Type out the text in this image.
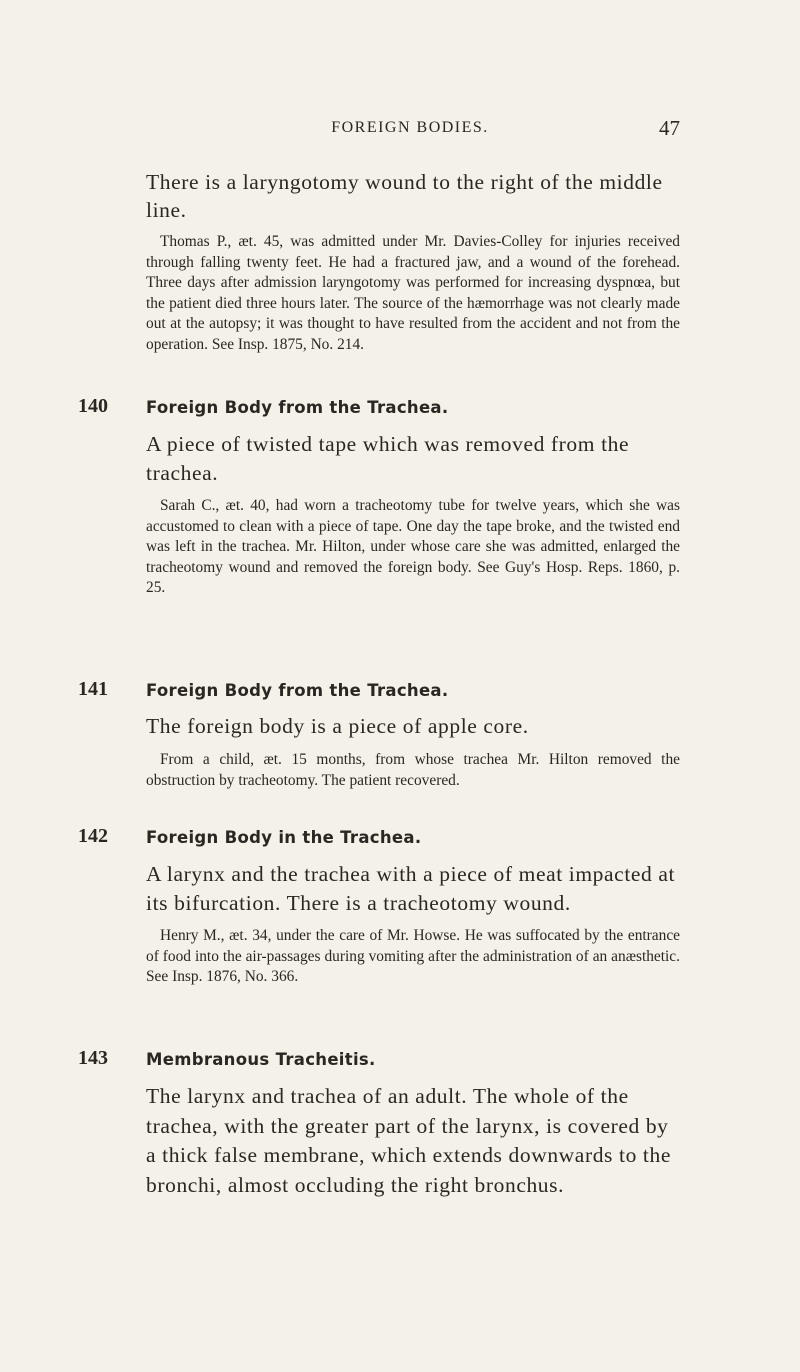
FOREIGN BODIES.	47
There is a laryngotomy wound to the right of the middle line.
Thomas P., æt. 45, was admitted under Mr. Davies-Colley for injuries received through falling twenty feet. He had a fractured jaw, and a wound of the forehead. Three days after admission laryngotomy was performed for increasing dyspnœa, but the patient died three hours later. The source of the hæmorrhage was not clearly made out at the autopsy; it was thought to have resulted from the accident and not from the operation. See Insp. 1875, No. 214.
140 Foreign Body from the Trachea.
A piece of twisted tape which was removed from the trachea.
Sarah C., æt. 40, had worn a tracheotomy tube for twelve years, which she was accustomed to clean with a piece of tape. One day the tape broke, and the twisted end was left in the trachea. Mr. Hilton, under whose care she was admitted, enlarged the tracheotomy wound and removed the foreign body. See Guy's Hosp. Reps. 1860, p. 25.
141 Foreign Body from the Trachea.
The foreign body is a piece of apple core.
From a child, æt. 15 months, from whose trachea Mr. Hilton removed the obstruction by tracheotomy. The patient recovered.
142 Foreign Body in the Trachea.
A larynx and the trachea with a piece of meat impacted at its bifurcation. There is a tracheotomy wound.
Henry M., æt. 34, under the care of Mr. Howse. He was suffocated by the entrance of food into the air-passages during vomiting after the administration of an anæsthetic. See Insp. 1876, No. 366.
143 Membranous Tracheitis.
The larynx and trachea of an adult. The whole of the trachea, with the greater part of the larynx, is covered by a thick false membrane, which extends downwards to the bronchi, almost occluding the right bronchus.
